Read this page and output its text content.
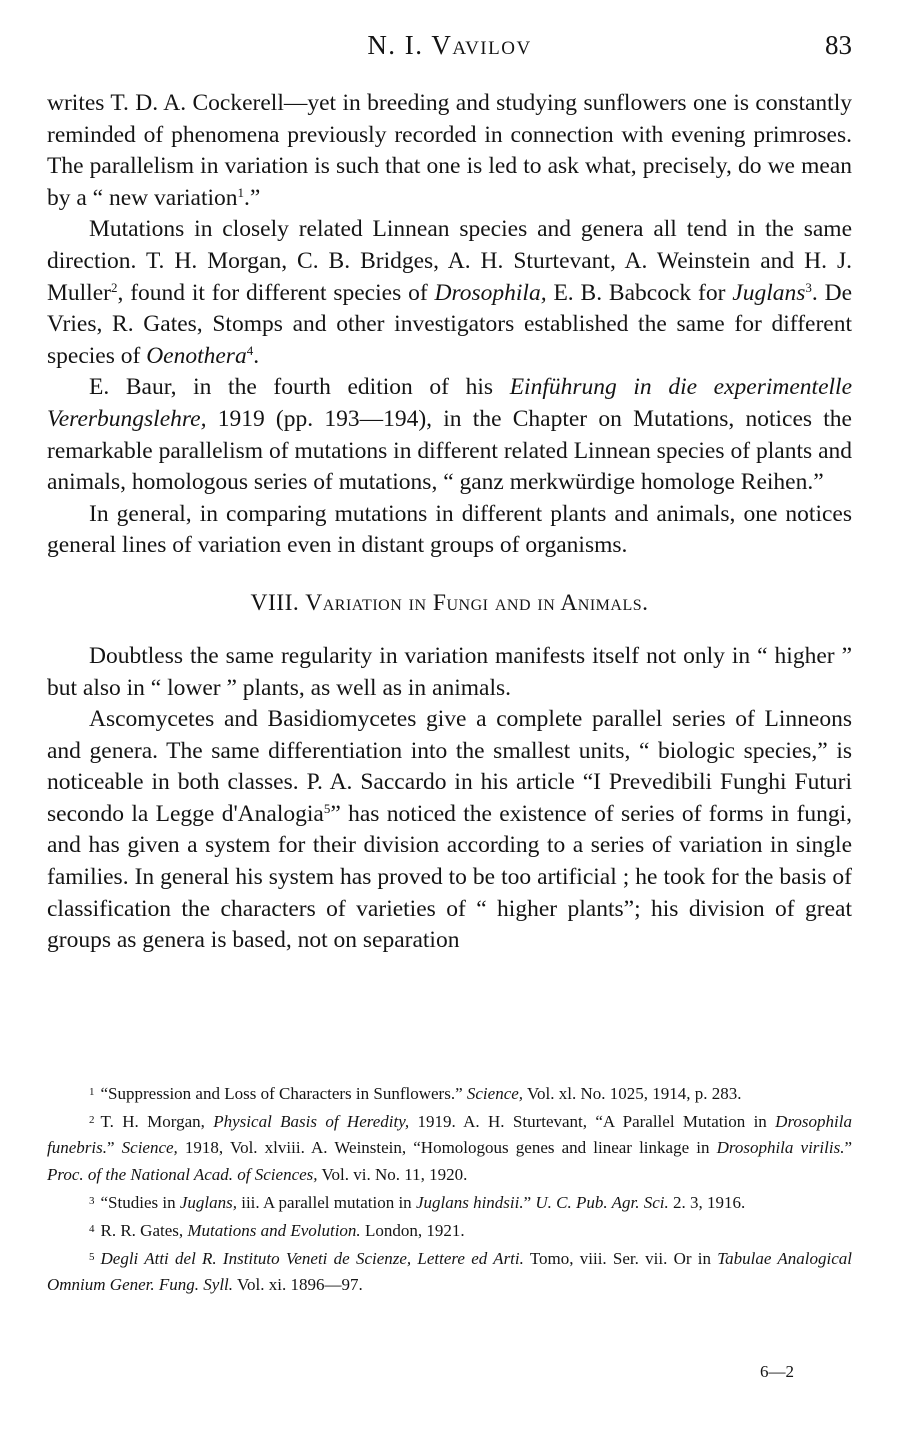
N. I. Vavilov	83

writes T. D. A. Cockerell—yet in breeding and studying sunflowers one is constantly reminded of phenomena previously recorded in connection with evening primroses. The parallelism in variation is such that one is led to ask what, precisely, do we mean by a “ new variation$^1$.”

Mutations in closely related Linnean species and genera all tend in the same direction. T. H. Morgan, C. B. Bridges, A. H. Sturtevant, A. Weinstein and H. J. Muller$^2$, found it for different species of Drosophila, E. B. Babcock for Juglans$^3$. De Vries, R. Gates, Stomps and other investigators established the same for different species of Oenothera$^4$.

E. Baur, in the fourth edition of his Einführung in die experimentelle Vererbungslehre, 1919 (pp. 193—194), in the Chapter on Mutations, notices the remarkable parallelism of mutations in different related Linnean species of plants and animals, homologous series of mutations, “ ganz merkwürdige homologe Reihen.”

In general, in comparing mutations in different plants and animals, one notices general lines of variation even in distant groups of organisms.

VIII. Variation in Fungi and in Animals.

Doubtless the same regularity in variation manifests itself not only in “ higher ” but also in “ lower ” plants, as well as in animals.

Ascomycetes and Basidiomycetes give a complete parallel series of Linneons and genera. The same differentiation into the smallest units, “ biologic species,” is noticeable in both classes. P. A. Saccardo in his article “I Prevedibili Funghi Futuri secondo la Legge d'Analogia$^5$” has noticed the existence of series of forms in fungi, and has given a system for their division according to a series of variation in single families. In general his system has proved to be too artificial ; he took for the basis of classification the characters of varieties of “ higher plants”; his division of great groups as genera is based, not on separation

$^1$ “Suppression and Loss of Characters in Sunflowers.” Science, Vol. xl. No. 1025, 1914, p. 283.

$^2$ T. H. Morgan, Physical Basis of Heredity, 1919. A. H. Sturtevant, “A Parallel Mutation in Drosophila funebris.” Science, 1918, Vol. xlviii. A. Weinstein, “Homologous genes and linear linkage in Drosophila virilis.” Proc. of the National Acad. of Sciences, Vol. vi. No. 11, 1920.

$^3$ “Studies in Juglans, iii. A parallel mutation in Juglans hindsii.” U. C. Pub. Agr. Sci. 2. 3, 1916.

$^4$ R. R. Gates, Mutations and Evolution. London, 1921.

$^5$ Degli Atti del R. Instituto Veneti de Scienze, Lettere ed Arti. Tomo, viii. Ser. vii. Or in Tabulae Analogical Omnium Gener. Fung. Syll. Vol. xi. 1896—97.

6—2
